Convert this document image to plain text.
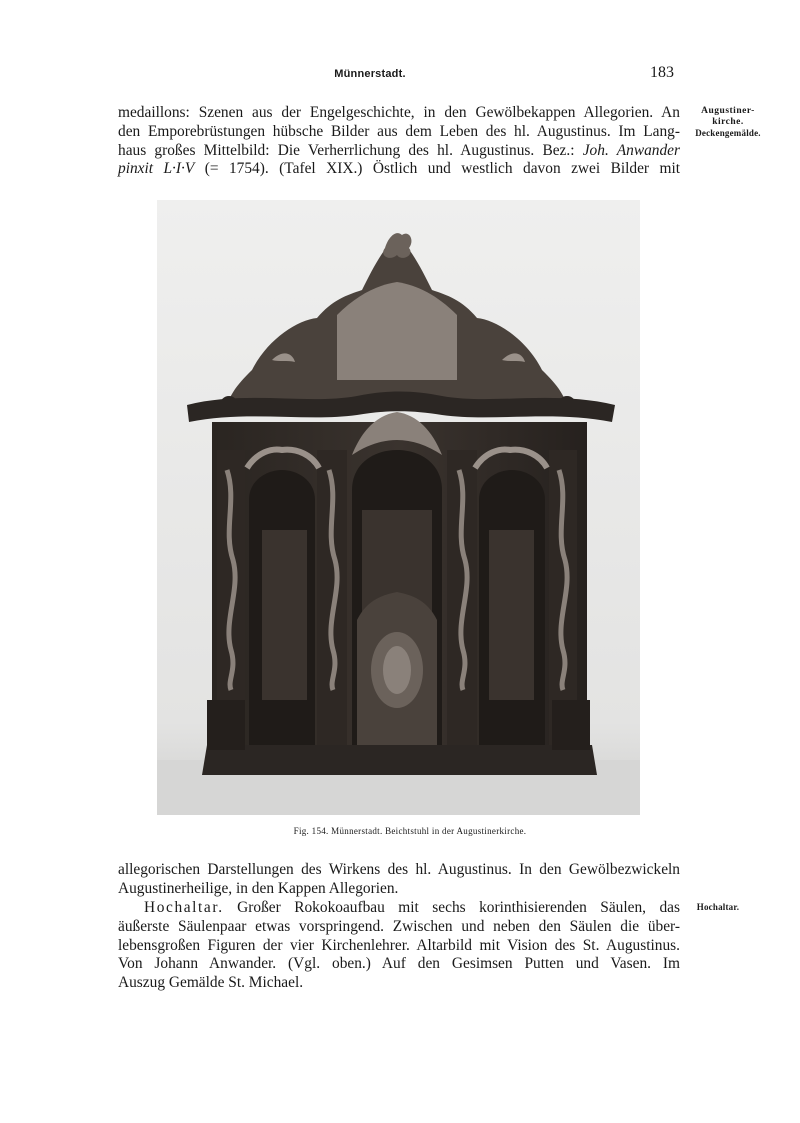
Münnerstadt.	183
medaillons: Szenen aus der Engelgeschichte, in den Gewölbekappen Allegorien. An
den Emporebrüstungen hübsche Bilder aus dem Leben des hl. Augustinus. Im Lang-
haus großes Mittelbild: Die Verherrlichung des hl. Augustinus. Bez.: Joh. Anwander
pinxit L·I·V (= 1754). (Tafel XIX.) Östlich und westlich davon zwei Bilder mit
Augustiner-
kirche.
Deckengemälde.
Fig. 154. Münnerstadt. Beichtstuhl in der Augustinerkirche.
allegorischen Darstellungen des Wirkens des hl. Augustinus. In den Gewölbezwickeln
Augustinerheilige, in den Kappen Allegorien.
Hochaltar. Großer Rokokoaufbau mit sechs korinthisierenden Säulen, das
äußerste Säulenpaar etwas vorspringend. Zwischen und neben den Säulen die über-
lebensgroßen Figuren der vier Kirchenlehrer. Altarbild mit Vision des St. Augustinus.
Von Johann Anwander. (Vgl. oben.) Auf den Gesimsen Putten und Vasen. Im
Auszug Gemälde St. Michael.
Hochaltar.
